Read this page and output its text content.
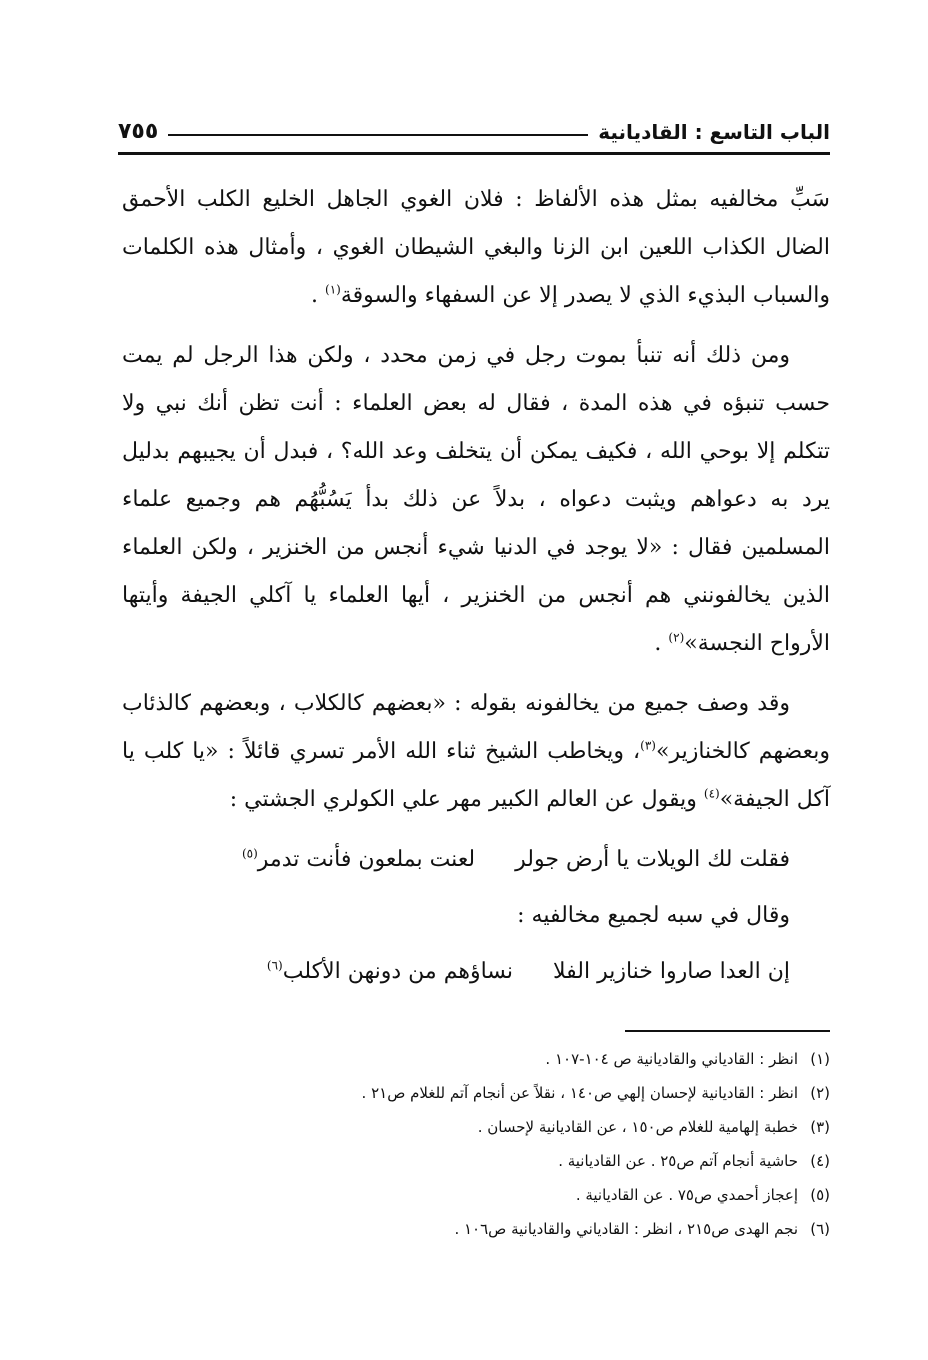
الباب التاسع : القاديانية
٧٥٥

سَبِّ مخالفيه بمثل هذه الألفاظ : فلان الغوي الجاهل الخليع الكلب الأحمق الضال الكذاب اللعين ابن الزنا والبغي الشيطان الغوي ، وأمثال هذه الكلمات والسباب البذيء الذي لا يصدر إلا عن السفهاء والسوقة$^{(١)}$ .

ومن ذلك أنه تنبأ بموت رجل في زمن محدد ، ولكن هذا الرجل لم يمت حسب تنبؤه في هذه المدة ، فقال له بعض العلماء : أنت تظن أنك نبي ولا تتكلم إلا بوحي الله ، فكيف يمكن أن يتخلف وعد الله؟ ، فبدل أن يجيبهم بدليل يرد به دعواهم ويثبت دعواه ، بدلاً عن ذلك بدأ يَسُبُّهُم هم وجميع علماء المسلمين فقال : «لا يوجد في الدنيا شيء أنجس من الخنزير ، ولكن العلماء الذين يخالفونني هم أنجس من الخنزير ، أيها العلماء يا آكلي الجيفة وأيتها الأرواح النجسة»$^{(٢)}$ .

وقد وصف جميع من يخالفونه بقوله : «بعضهم كالكلاب ، وبعضهم كالذئاب وبعضهم كالخنازير»$^{(٣)}$، ويخاطب الشيخ ثناء الله الأمر تسري قائلاً : «يا كلب يا آكل الجيفة»$^{(٤)}$ ويقول عن العالم الكبير مهر علي الكولري الجشتي :

فقلت لك الويلات يا أرض جولرلعنت بملعون فأنت تدمر$^{(٥)}$
وقال في سبه لجميع مخالفيه :
إن العدا صاروا خنازير الفلانساؤهم من دونهن الأكلب$^{(٦)}$
(١)
انظر : القادياني والقاديانية ص ١٠٤-١٠٧ .
(٢)
انظر : القاديانية لإحسان إلهي ص١٤٠ ، نقلاً عن أنجام آتم للغلام ص٢١ .
(٣)
خطبة إلهامية للغلام ص١٥٠ ، عن القاديانية لإحسان .
(٤)
حاشية أنجام آتم ص٢٥ . عن القاديانية .
(٥)
إعجاز أحمدي ص٧٥ . عن القاديانية .
(٦)
نجم الهدى ص٢١٥ ، انظر : القادياني والقاديانية ص١٠٦ .
